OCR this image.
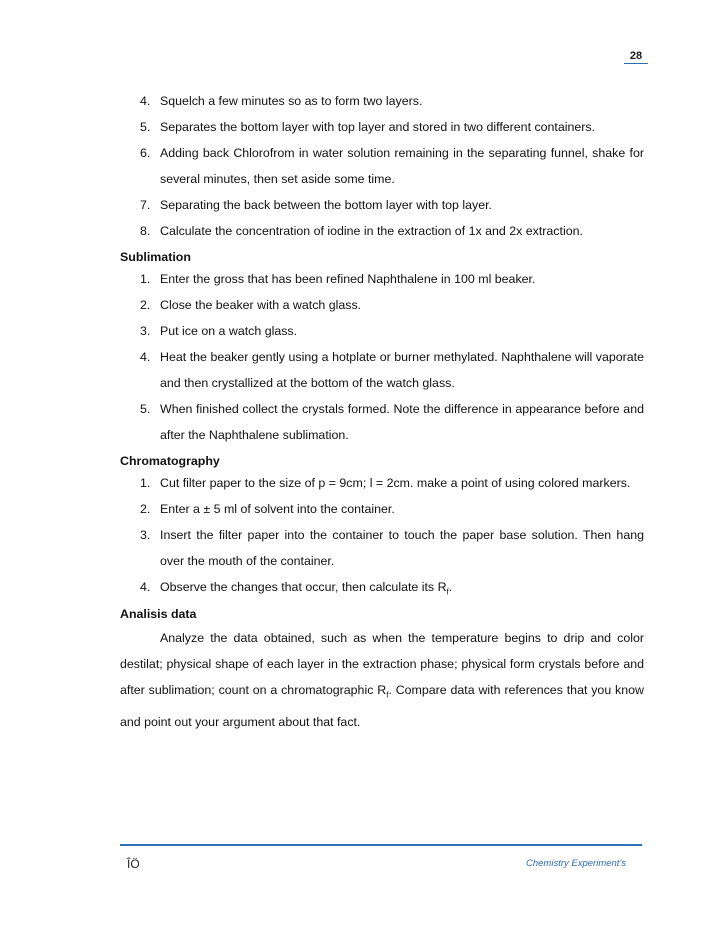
28
4. Squelch a few minutes so as to form two layers.
5. Separates the bottom layer with top layer and stored in two different containers.
6. Adding back Chlorofrom in water solution remaining in the separating funnel, shake for several minutes, then set aside some time.
7. Separating the back between the bottom layer with top layer.
8. Calculate the concentration of iodine in the extraction of 1x and 2x extraction.
Sublimation
1. Enter the gross that has been refined Naphthalene in 100 ml beaker.
2. Close the beaker with a watch glass.
3. Put ice on a watch glass.
4. Heat the beaker gently using a hotplate or burner methylated. Naphthalene will vaporate and then crystallized at the bottom of the watch glass.
5. When finished collect the crystals formed. Note the difference in appearance before and after the Naphthalene sublimation.
Chromatography
1. Cut filter paper to the size of p = 9cm; l = 2cm. make a point of using colored markers.
2. Enter a ± 5 ml of solvent into the container.
3. Insert the filter paper into the container to touch the paper base solution. Then hang over the mouth of the container.
4. Observe the changes that occur, then calculate its $R_f$.
Analisis data
Analyze the data obtained, such as when the temperature begins to drip and color destilat; physical shape of each layer in the extraction phase; physical form crystals before and after sublimation; count on a chromatographic $R_f$. Compare data with references that you know and point out your argument about that fact.
ÎÖ	Chemistry Experiment's
